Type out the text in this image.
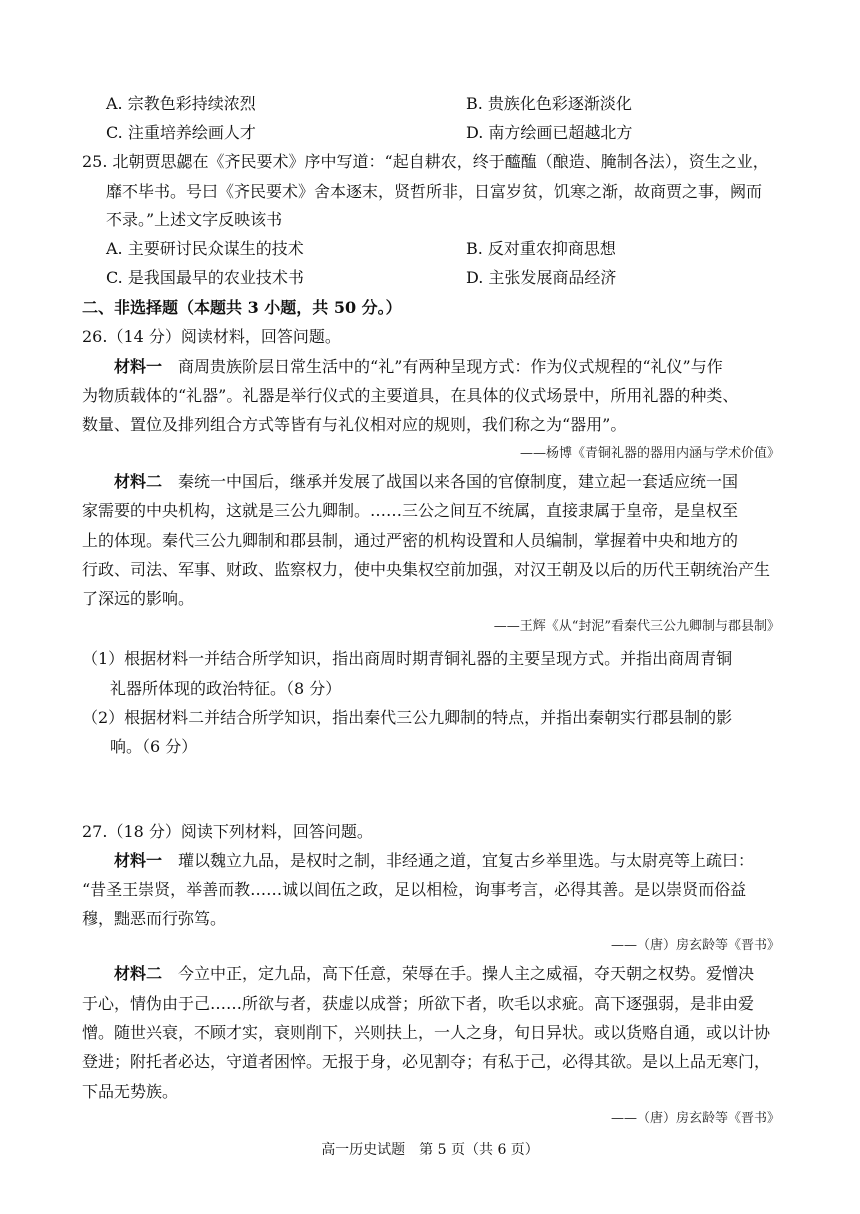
A. 宗教色彩持续浓烈	B. 贵族化色彩逐渐淡化
C. 注重培养绘画人才	D. 南方绘画已超越北方
25. 北朝贾思勰在《齐民要术》序中写道：“起自耕农，终于醯醢（酿造、腌制各法），资生之业，
靡不毕书。号曰《齐民要术》舍本逐末，贤哲所非，日富岁贫，饥寒之渐，故商贾之事，阙而
不录。”上述文字反映该书
A. 主要研讨民众谋生的技术	B. 反对重农抑商思想
C. 是我国最早的农业技术书	D. 主张发展商品经济
二、非选择题（本题共 3 小题，共 50 分。）
26.（14 分）阅读材料，回答问题。
材料一　商周贵族阶层日常生活中的“礼”有两种呈现方式：作为仪式规程的“礼仪”与作
为物质载体的“礼器”。礼器是举行仪式的主要道具，在具体的仪式场景中，所用礼器的种类、
数量、置位及排列组合方式等皆有与礼仪相对应的规则，我们称之为“器用”。
——杨博《青铜礼器的器用内涵与学术价值》
材料二　秦统一中国后，继承并发展了战国以来各国的官僚制度，建立起一套适应统一国
家需要的中央机构，这就是三公九卿制。……三公之间互不统属，直接隶属于皇帝，是皇权至
上的体现。秦代三公九卿制和郡县制，通过严密的机构设置和人员编制，掌握着中央和地方的
行政、司法、军事、财政、监察权力，使中央集权空前加强，对汉王朝及以后的历代王朝统治产生
了深远的影响。
——王辉《从“封泥”看秦代三公九卿制与郡县制》
（1）根据材料一并结合所学知识，指出商周时期青铜礼器的主要呈现方式。并指出商周青铜
礼器所体现的政治特征。（8 分）
（2）根据材料二并结合所学知识，指出秦代三公九卿制的特点，并指出秦朝实行郡县制的影
响。（6 分）
27.（18 分）阅读下列材料，回答问题。
材料一　瓘以魏立九品，是权时之制，非经通之道，宜复古乡举里选。与太尉亮等上疏曰：
“昔圣王崇贤，举善而教……诚以闾伍之政，足以相检，询事考言，必得其善。是以崇贤而俗益
穆，黜恶而行弥笃。
——（唐）房玄龄等《晋书》
材料二　今立中正，定九品，高下任意，荣辱在手。操人主之威福，夺天朝之权势。爱憎决
于心，情伪由于己……所欲与者，获虚以成誉；所欲下者，吹毛以求疵。高下逐强弱，是非由爱
憎。随世兴衰，不顾才实，衰则削下，兴则扶上，一人之身，旬日异状。或以货赂自通，或以计协
登进；附托者必达，守道者困悴。无报于身，必见割夺；有私于己，必得其欲。是以上品无寒门，
下品无势族。
——（唐）房玄龄等《晋书》
高一历史试题　第 5 页（共 6 页）
